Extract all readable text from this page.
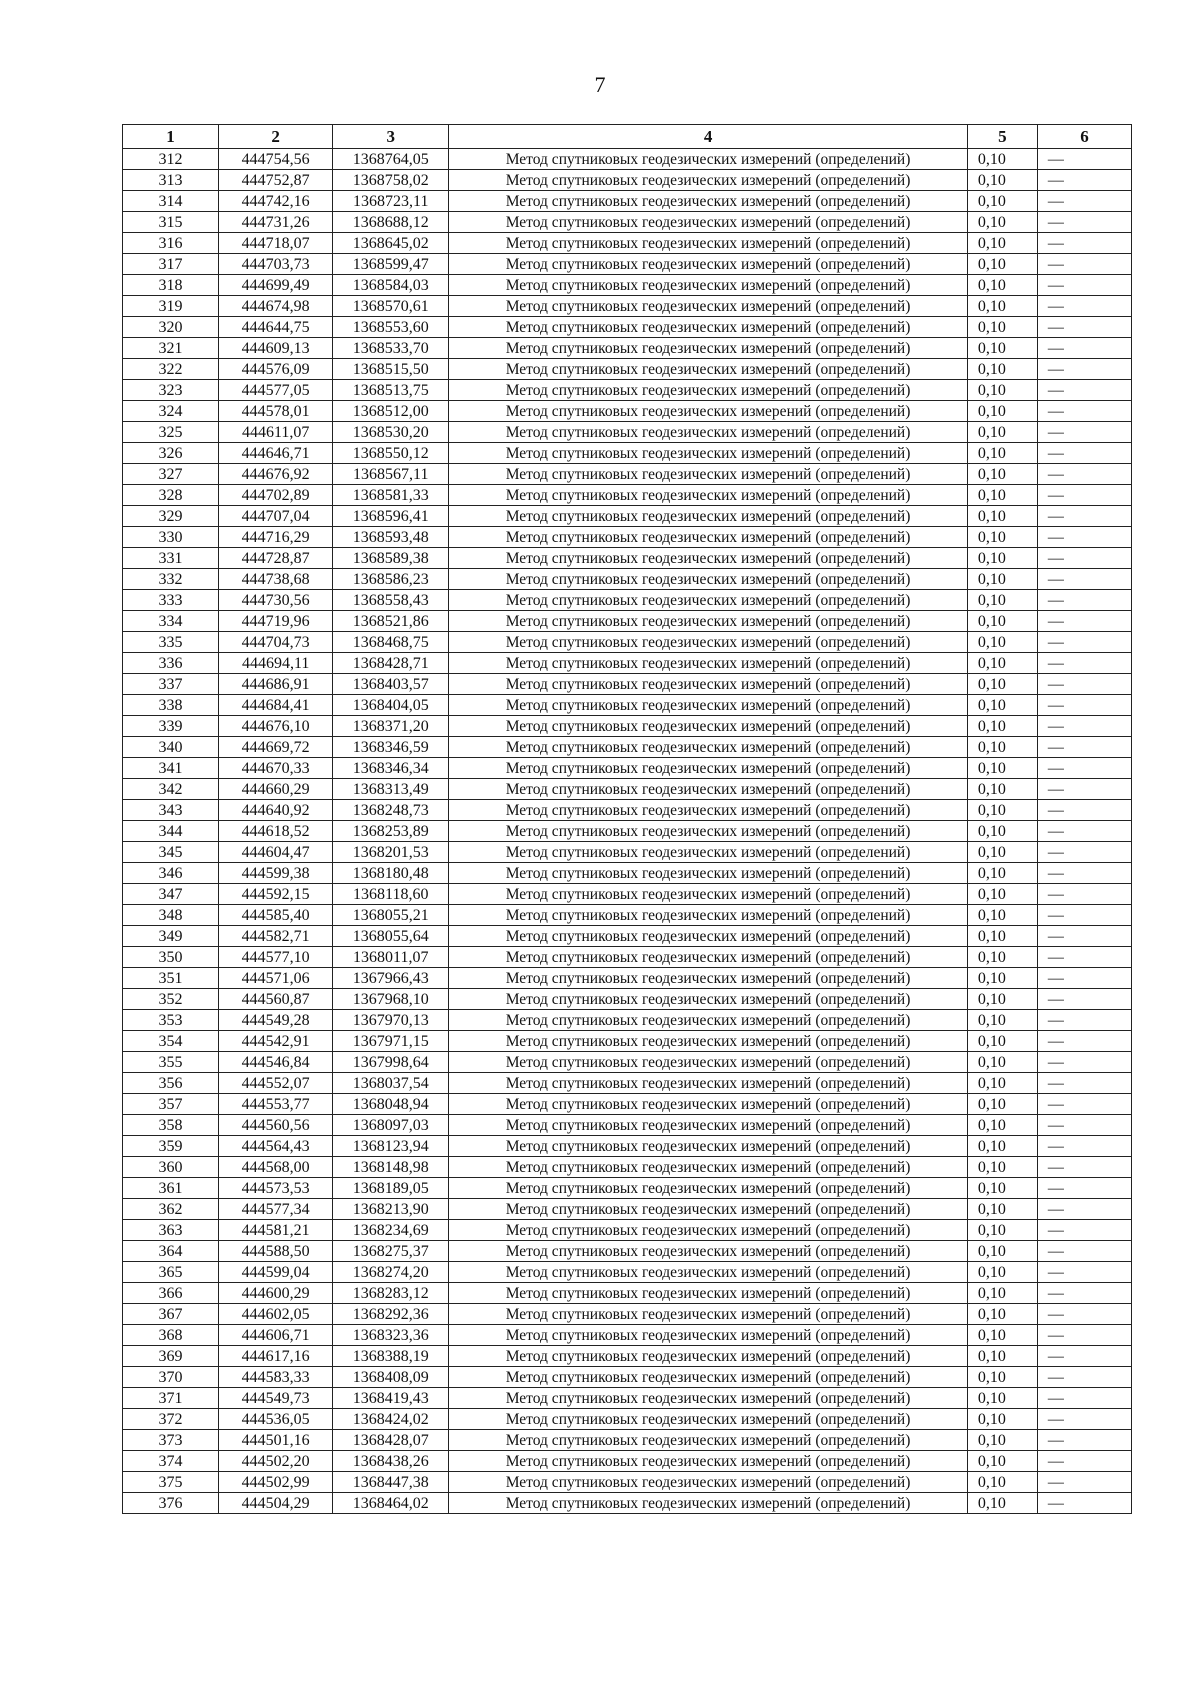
7
1	2	3	4	5	6
312	444754,56	1368764,05	Метод спутниковых геодезических измерений (определений)	0,10	—
313	444752,87	1368758,02	Метод спутниковых геодезических измерений (определений)	0,10	—
314	444742,16	1368723,11	Метод спутниковых геодезических измерений (определений)	0,10	—
315	444731,26	1368688,12	Метод спутниковых геодезических измерений (определений)	0,10	—
316	444718,07	1368645,02	Метод спутниковых геодезических измерений (определений)	0,10	—
317	444703,73	1368599,47	Метод спутниковых геодезических измерений (определений)	0,10	—
318	444699,49	1368584,03	Метод спутниковых геодезических измерений (определений)	0,10	—
319	444674,98	1368570,61	Метод спутниковых геодезических измерений (определений)	0,10	—
320	444644,75	1368553,60	Метод спутниковых геодезических измерений (определений)	0,10	—
321	444609,13	1368533,70	Метод спутниковых геодезических измерений (определений)	0,10	—
322	444576,09	1368515,50	Метод спутниковых геодезических измерений (определений)	0,10	—
323	444577,05	1368513,75	Метод спутниковых геодезических измерений (определений)	0,10	—
324	444578,01	1368512,00	Метод спутниковых геодезических измерений (определений)	0,10	—
325	444611,07	1368530,20	Метод спутниковых геодезических измерений (определений)	0,10	—
326	444646,71	1368550,12	Метод спутниковых геодезических измерений (определений)	0,10	—
327	444676,92	1368567,11	Метод спутниковых геодезических измерений (определений)	0,10	—
328	444702,89	1368581,33	Метод спутниковых геодезических измерений (определений)	0,10	—
329	444707,04	1368596,41	Метод спутниковых геодезических измерений (определений)	0,10	—
330	444716,29	1368593,48	Метод спутниковых геодезических измерений (определений)	0,10	—
331	444728,87	1368589,38	Метод спутниковых геодезических измерений (определений)	0,10	—
332	444738,68	1368586,23	Метод спутниковых геодезических измерений (определений)	0,10	—
333	444730,56	1368558,43	Метод спутниковых геодезических измерений (определений)	0,10	—
334	444719,96	1368521,86	Метод спутниковых геодезических измерений (определений)	0,10	—
335	444704,73	1368468,75	Метод спутниковых геодезических измерений (определений)	0,10	—
336	444694,11	1368428,71	Метод спутниковых геодезических измерений (определений)	0,10	—
337	444686,91	1368403,57	Метод спутниковых геодезических измерений (определений)	0,10	—
338	444684,41	1368404,05	Метод спутниковых геодезических измерений (определений)	0,10	—
339	444676,10	1368371,20	Метод спутниковых геодезических измерений (определений)	0,10	—
340	444669,72	1368346,59	Метод спутниковых геодезических измерений (определений)	0,10	—
341	444670,33	1368346,34	Метод спутниковых геодезических измерений (определений)	0,10	—
342	444660,29	1368313,49	Метод спутниковых геодезических измерений (определений)	0,10	—
343	444640,92	1368248,73	Метод спутниковых геодезических измерений (определений)	0,10	—
344	444618,52	1368253,89	Метод спутниковых геодезических измерений (определений)	0,10	—
345	444604,47	1368201,53	Метод спутниковых геодезических измерений (определений)	0,10	—
346	444599,38	1368180,48	Метод спутниковых геодезических измерений (определений)	0,10	—
347	444592,15	1368118,60	Метод спутниковых геодезических измерений (определений)	0,10	—
348	444585,40	1368055,21	Метод спутниковых геодезических измерений (определений)	0,10	—
349	444582,71	1368055,64	Метод спутниковых геодезических измерений (определений)	0,10	—
350	444577,10	1368011,07	Метод спутниковых геодезических измерений (определений)	0,10	—
351	444571,06	1367966,43	Метод спутниковых геодезических измерений (определений)	0,10	—
352	444560,87	1367968,10	Метод спутниковых геодезических измерений (определений)	0,10	—
353	444549,28	1367970,13	Метод спутниковых геодезических измерений (определений)	0,10	—
354	444542,91	1367971,15	Метод спутниковых геодезических измерений (определений)	0,10	—
355	444546,84	1367998,64	Метод спутниковых геодезических измерений (определений)	0,10	—
356	444552,07	1368037,54	Метод спутниковых геодезических измерений (определений)	0,10	—
357	444553,77	1368048,94	Метод спутниковых геодезических измерений (определений)	0,10	—
358	444560,56	1368097,03	Метод спутниковых геодезических измерений (определений)	0,10	—
359	444564,43	1368123,94	Метод спутниковых геодезических измерений (определений)	0,10	—
360	444568,00	1368148,98	Метод спутниковых геодезических измерений (определений)	0,10	—
361	444573,53	1368189,05	Метод спутниковых геодезических измерений (определений)	0,10	—
362	444577,34	1368213,90	Метод спутниковых геодезических измерений (определений)	0,10	—
363	444581,21	1368234,69	Метод спутниковых геодезических измерений (определений)	0,10	—
364	444588,50	1368275,37	Метод спутниковых геодезических измерений (определений)	0,10	—
365	444599,04	1368274,20	Метод спутниковых геодезических измерений (определений)	0,10	—
366	444600,29	1368283,12	Метод спутниковых геодезических измерений (определений)	0,10	—
367	444602,05	1368292,36	Метод спутниковых геодезических измерений (определений)	0,10	—
368	444606,71	1368323,36	Метод спутниковых геодезических измерений (определений)	0,10	—
369	444617,16	1368388,19	Метод спутниковых геодезических измерений (определений)	0,10	—
370	444583,33	1368408,09	Метод спутниковых геодезических измерений (определений)	0,10	—
371	444549,73	1368419,43	Метод спутниковых геодезических измерений (определений)	0,10	—
372	444536,05	1368424,02	Метод спутниковых геодезических измерений (определений)	0,10	—
373	444501,16	1368428,07	Метод спутниковых геодезических измерений (определений)	0,10	—
374	444502,20	1368438,26	Метод спутниковых геодезических измерений (определений)	0,10	—
375	444502,99	1368447,38	Метод спутниковых геодезических измерений (определений)	0,10	—
376	444504,29	1368464,02	Метод спутниковых геодезических измерений (определений)	0,10	—
